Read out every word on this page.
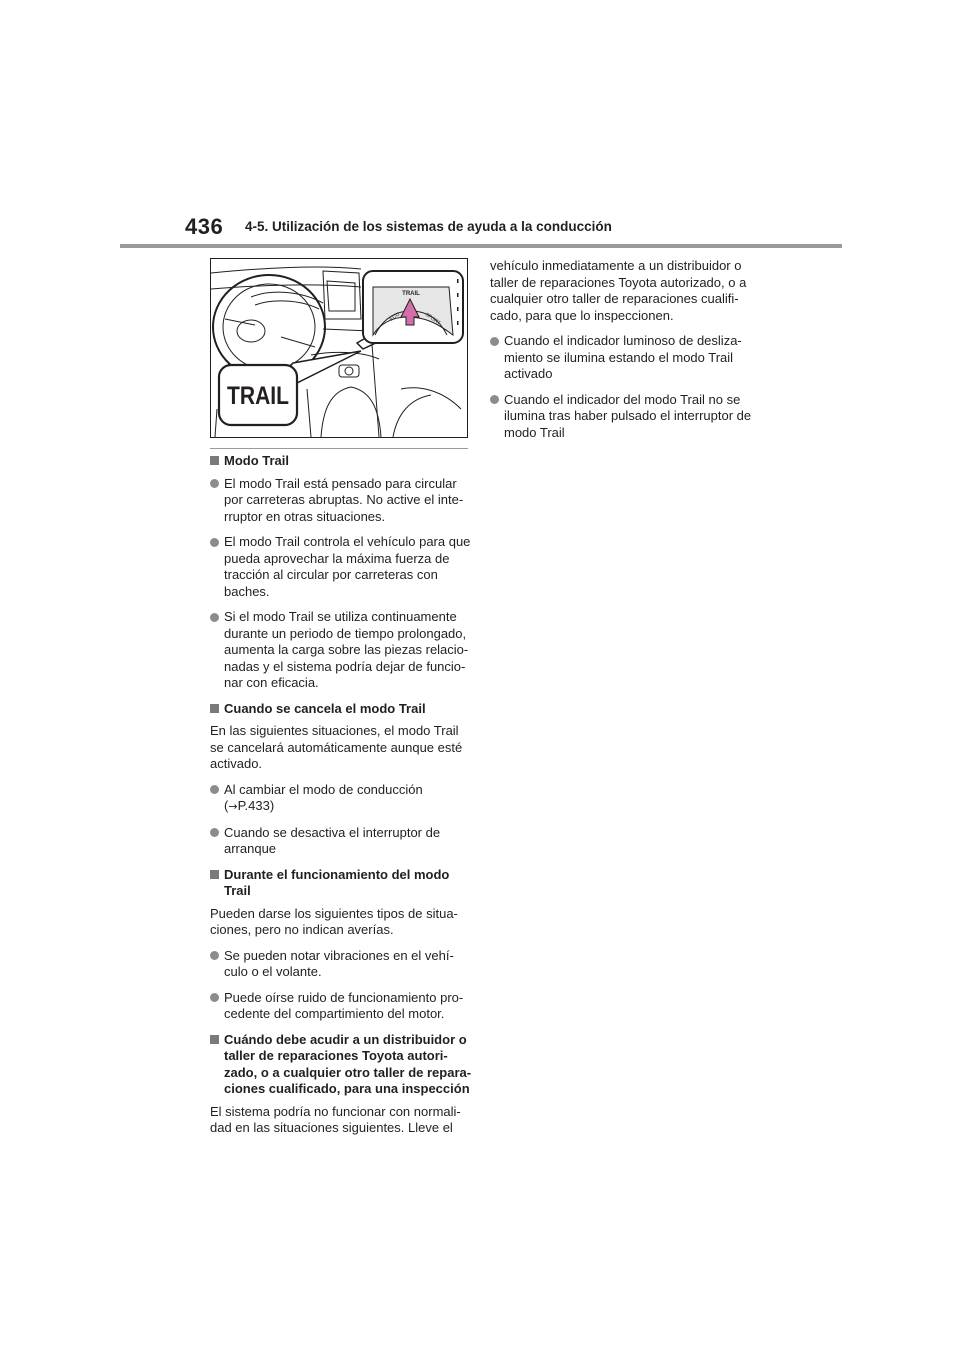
436 4-5. Utilización de los sistemas de ayuda a la conducción
TRAIL
ECO	SPORT
TRAIL
Modo Trail
El modo Trail está pensado para circular por carreteras abruptas. No active el inte-rruptor en otras situaciones.
El modo Trail controla el vehículo para que pueda aprovechar la máxima fuerza de tracción al circular por carreteras con baches.
Si el modo Trail se utiliza continuamente durante un periodo de tiempo prolongado, aumenta la carga sobre las piezas relacio-nadas y el sistema podría dejar de funcio-nar con eficacia.
Cuando se cancela el modo Trail
En las siguientes situaciones, el modo Trail se cancelará automáticamente aunque esté activado.
Al cambiar el modo de conducción
(→P.433)
Cuando se desactiva el interruptor de arranque
Durante el funcionamiento del modo Trail
Pueden darse los siguientes tipos de situa-ciones, pero no indican averías.
Se pueden notar vibraciones en el vehí-culo o el volante.
Puede oírse ruido de funcionamiento pro-cedente del compartimiento del motor.
Cuándo debe acudir a un distribuidor o taller de reparaciones Toyota autori-zado, o a cualquier otro taller de repara-ciones cualificado, para una inspección
El sistema podría no funcionar con normali-dad en las situaciones siguientes. Lleve el
vehículo inmediatamente a un distribuidor o taller de reparaciones Toyota autorizado, o a cualquier otro taller de reparaciones cualifi-cado, para que lo inspeccionen.
Cuando el indicador luminoso de desliza-miento se ilumina estando el modo Trail activado
Cuando el indicador del modo Trail no se ilumina tras haber pulsado el interruptor de modo Trail
